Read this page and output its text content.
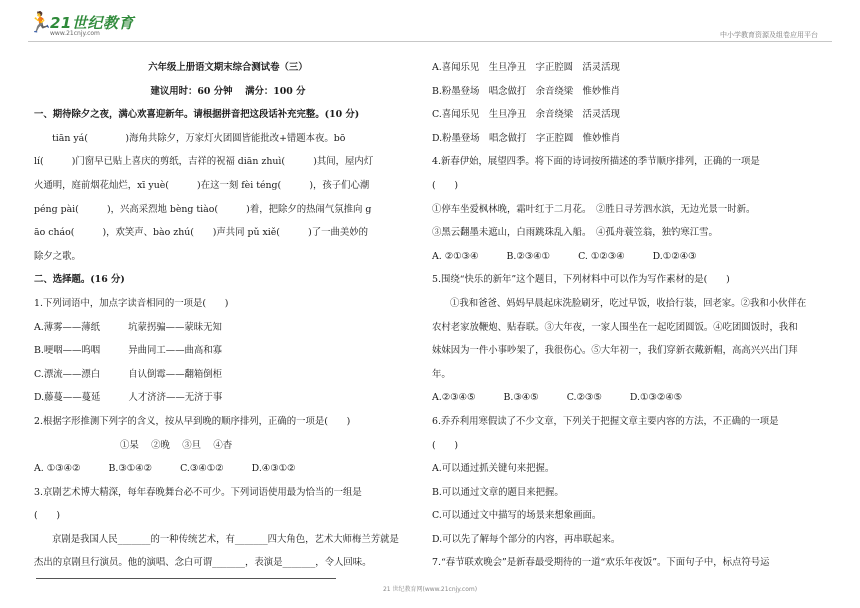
🏃
21世纪教育
www.21cnjy.com	中小学教育资源及组卷应用平台

六年级上册语文期末综合测试卷（三）

建议用时：60 分钟　 满分：100 分

一、期待除夕之夜，满心欢喜迎新年。请根据拼音把这段话补充完整。(10 分)

tiān yá(　　　　)海角共除夕，万家灯火团圆皆能批改+错题本夜。bō

lí(　　　)门窗早已贴上喜庆的剪纸，吉祥的祝福 diān zhuì(　　　)其间，屋内灯

火通明，庭前烟花灿烂，xī yuè(　　　)在这一刻 fèi téng(　　　)，孩子们心潮

péng pài(　　　)，兴高采烈地 bèng tiào(　　　)着，把除夕的热闹气氛推向 g

āo cháo(　　　)，欢笑声、bào zhú(　　)声共同 pǔ xiě(　　　)了一曲美妙的

除夕之歌。

二、选择题。(16 分)

1.下列词语中，加点字读音相同的一项是(　　)

A.薄雾——薄纸　　　坑蒙拐骗——蒙昧无知

B.哽咽——呜咽　　　异曲同工——曲高和寡

C.漂流——漂白　　　自认倒霉——翻箱倒柜

D.藤蔓——蔓延　　　人才济济——无济于事

2.根据字形推测下列字的含义，按从早到晚的顺序排列，正确的一项是(　　)

①杲　 ②晚　 ③旦　 ④杳

A. ①③④②　　　B.③①④②　　　C.③④①②　　　D.④③①②

3.京剧艺术博大精深，每年春晚舞台必不可少。下列词语使用最为恰当的一组是

(　　)

京剧是我国人民_______的一种传统艺术，有_______四大角色，艺术大师梅兰芳就是

杰出的京剧旦行演员。他的演唱、念白可谓_______，表演是_______，令人回味。

A.喜闻乐见　生旦净丑　字正腔圆　活灵活现

B.粉墨登场　唱念做打　余音绕梁　惟妙惟肖

C.喜闻乐见　生旦净丑　余音绕梁　活灵活现

D.粉墨登场　唱念做打　字正腔圆　惟妙惟肖

4.新春伊始，展望四季。将下面的诗词按所描述的季节顺序排列，正确的一项是

(　　)

①停车坐爱枫林晚，霜叶红于二月花。　②胜日寻芳泗水滨，无边光景一时新。

③黑云翻墨未遮山，白雨跳珠乱入船。　④孤舟蓑笠翁，独钓寒江雪。

A. ②①③④　　　B.②③④①　　　C. ①②③④　　　D.①②④③

5.围绕“快乐的新年”这个题目，下列材料中可以作为写作素材的是(　　)

①我和爸爸、妈妈早晨起床洗脸刷牙，吃过早饭，收拾行装，回老家。②我和小伙伴在

农村老家放鞭炮、贴春联。③大年夜，一家人围坐在一起吃团圆饭。④吃团圆饭时，我和

妹妹因为一件小事吵架了，我很伤心。⑤大年初一，我们穿新衣戴新帽，高高兴兴出门拜

年。

A.②③④⑤　　　B.③④⑤　　　C.②③⑤　　　D.①③②④⑤

6.乔乔利用寒假读了不少文章，下列关于把握文章主要内容的方法，不正确的一项是

(　　)

A.可以通过抓关键句来把握。

B.可以通过文章的题目来把握。

C.可以通过文中描写的场景来想象画面。

D.可以先了解每个部分的内容，再串联起来。

7.“春节联欢晚会”是新春最受期待的一道“欢乐年夜饭”。下面句子中，标点符号运

21 世纪教育网(www.21cnjy.com)
